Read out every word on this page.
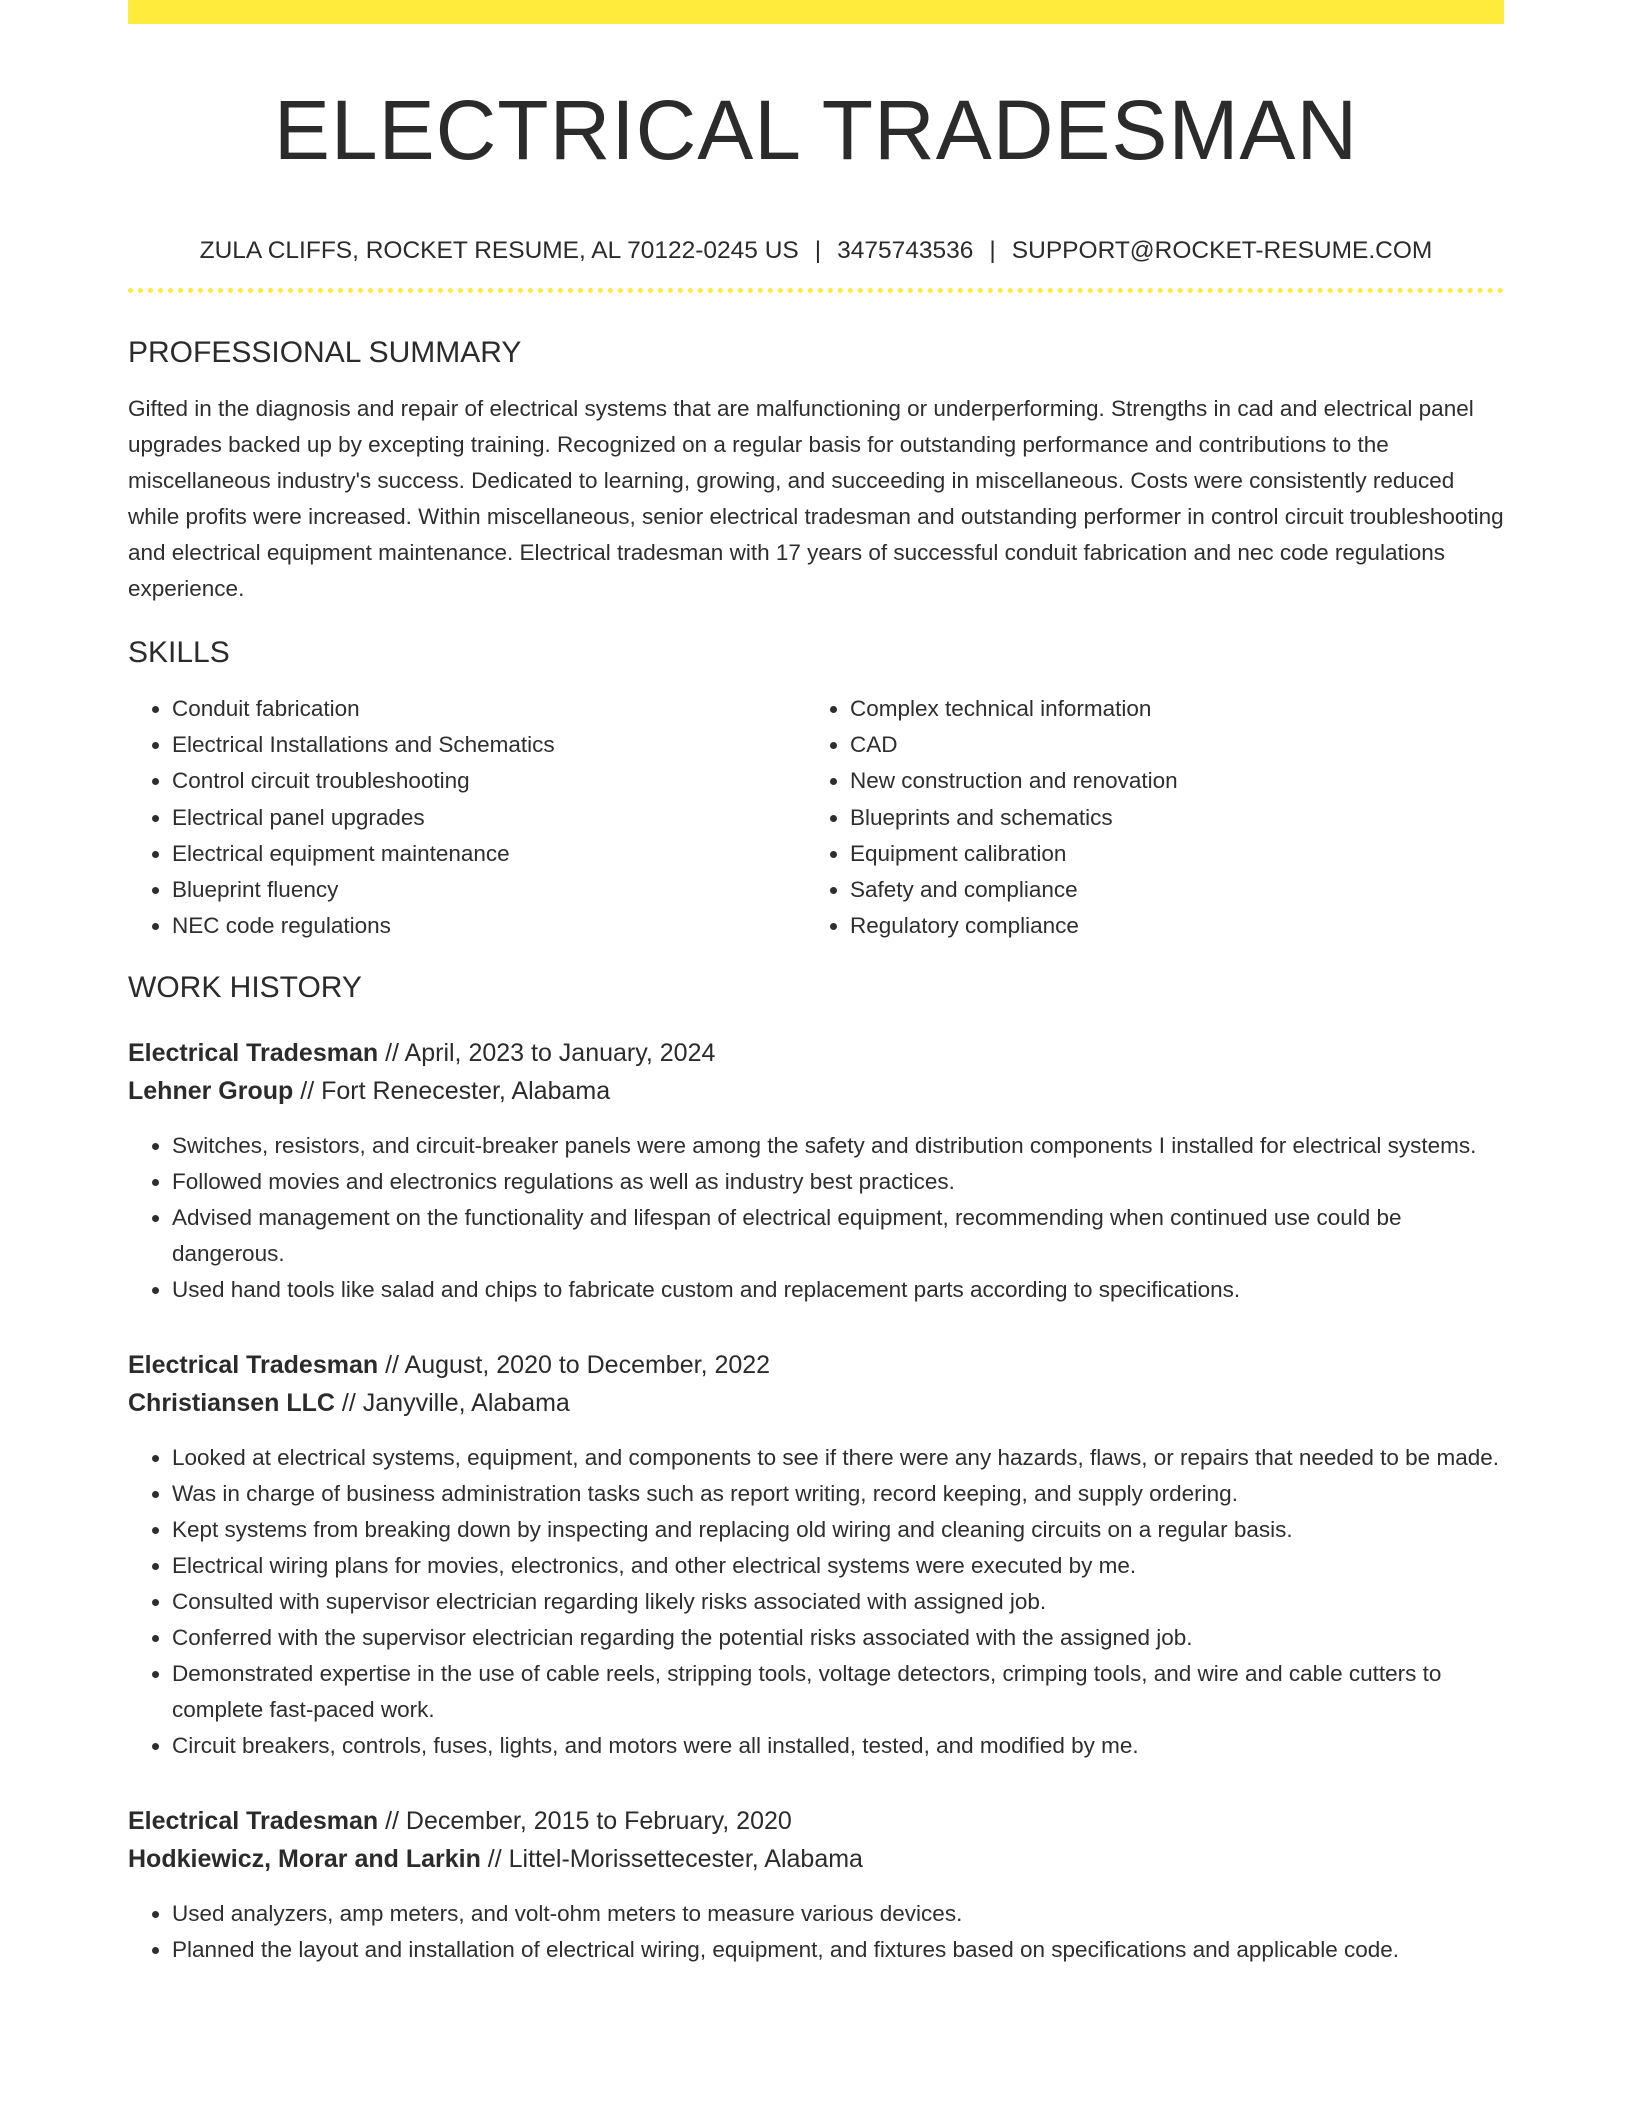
ELECTRICAL TRADESMAN
ZULA CLIFFS, ROCKET RESUME, AL 70122-0245 US | 3475743536 | SUPPORT@ROCKET-RESUME.COM
PROFESSIONAL SUMMARY
Gifted in the diagnosis and repair of electrical systems that are malfunctioning or underperforming. Strengths in cad and electrical panel upgrades backed up by excepting training. Recognized on a regular basis for outstanding performance and contributions to the miscellaneous industry's success. Dedicated to learning, growing, and succeeding in miscellaneous. Costs were consistently reduced while profits were increased. Within miscellaneous, senior electrical tradesman and outstanding performer in control circuit troubleshooting and electrical equipment maintenance. Electrical tradesman with 17 years of successful conduit fabrication and nec code regulations experience.
SKILLS
• Conduit fabrication
• Electrical Installations and Schematics
• Control circuit troubleshooting
• Electrical panel upgrades
• Electrical equipment maintenance
• Blueprint fluency
• NEC code regulations
• Complex technical information
• CAD
• New construction and renovation
• Blueprints and schematics
• Equipment calibration
• Safety and compliance
• Regulatory compliance
WORK HISTORY
Electrical Tradesman // April, 2023 to January, 2024
Lehner Group // Fort Renecester, Alabama
• Switches, resistors, and circuit-breaker panels were among the safety and distribution components I installed for electrical systems.
• Followed movies and electronics regulations as well as industry best practices.
• Advised management on the functionality and lifespan of electrical equipment, recommending when continued use could be dangerous.
• Used hand tools like salad and chips to fabricate custom and replacement parts according to specifications.
Electrical Tradesman // August, 2020 to December, 2022
Christiansen LLC // Janyville, Alabama
• Looked at electrical systems, equipment, and components to see if there were any hazards, flaws, or repairs that needed to be made.
• Was in charge of business administration tasks such as report writing, record keeping, and supply ordering.
• Kept systems from breaking down by inspecting and replacing old wiring and cleaning circuits on a regular basis.
• Electrical wiring plans for movies, electronics, and other electrical systems were executed by me.
• Consulted with supervisor electrician regarding likely risks associated with assigned job.
• Conferred with the supervisor electrician regarding the potential risks associated with the assigned job.
• Demonstrated expertise in the use of cable reels, stripping tools, voltage detectors, crimping tools, and wire and cable cutters to complete fast-paced work.
• Circuit breakers, controls, fuses, lights, and motors were all installed, tested, and modified by me.
Electrical Tradesman // December, 2015 to February, 2020
Hodkiewicz, Morar and Larkin // Littel-Morissettecester, Alabama
• Used analyzers, amp meters, and volt-ohm meters to measure various devices.
• Planned the layout and installation of electrical wiring, equipment, and fixtures based on specifications and applicable code.
